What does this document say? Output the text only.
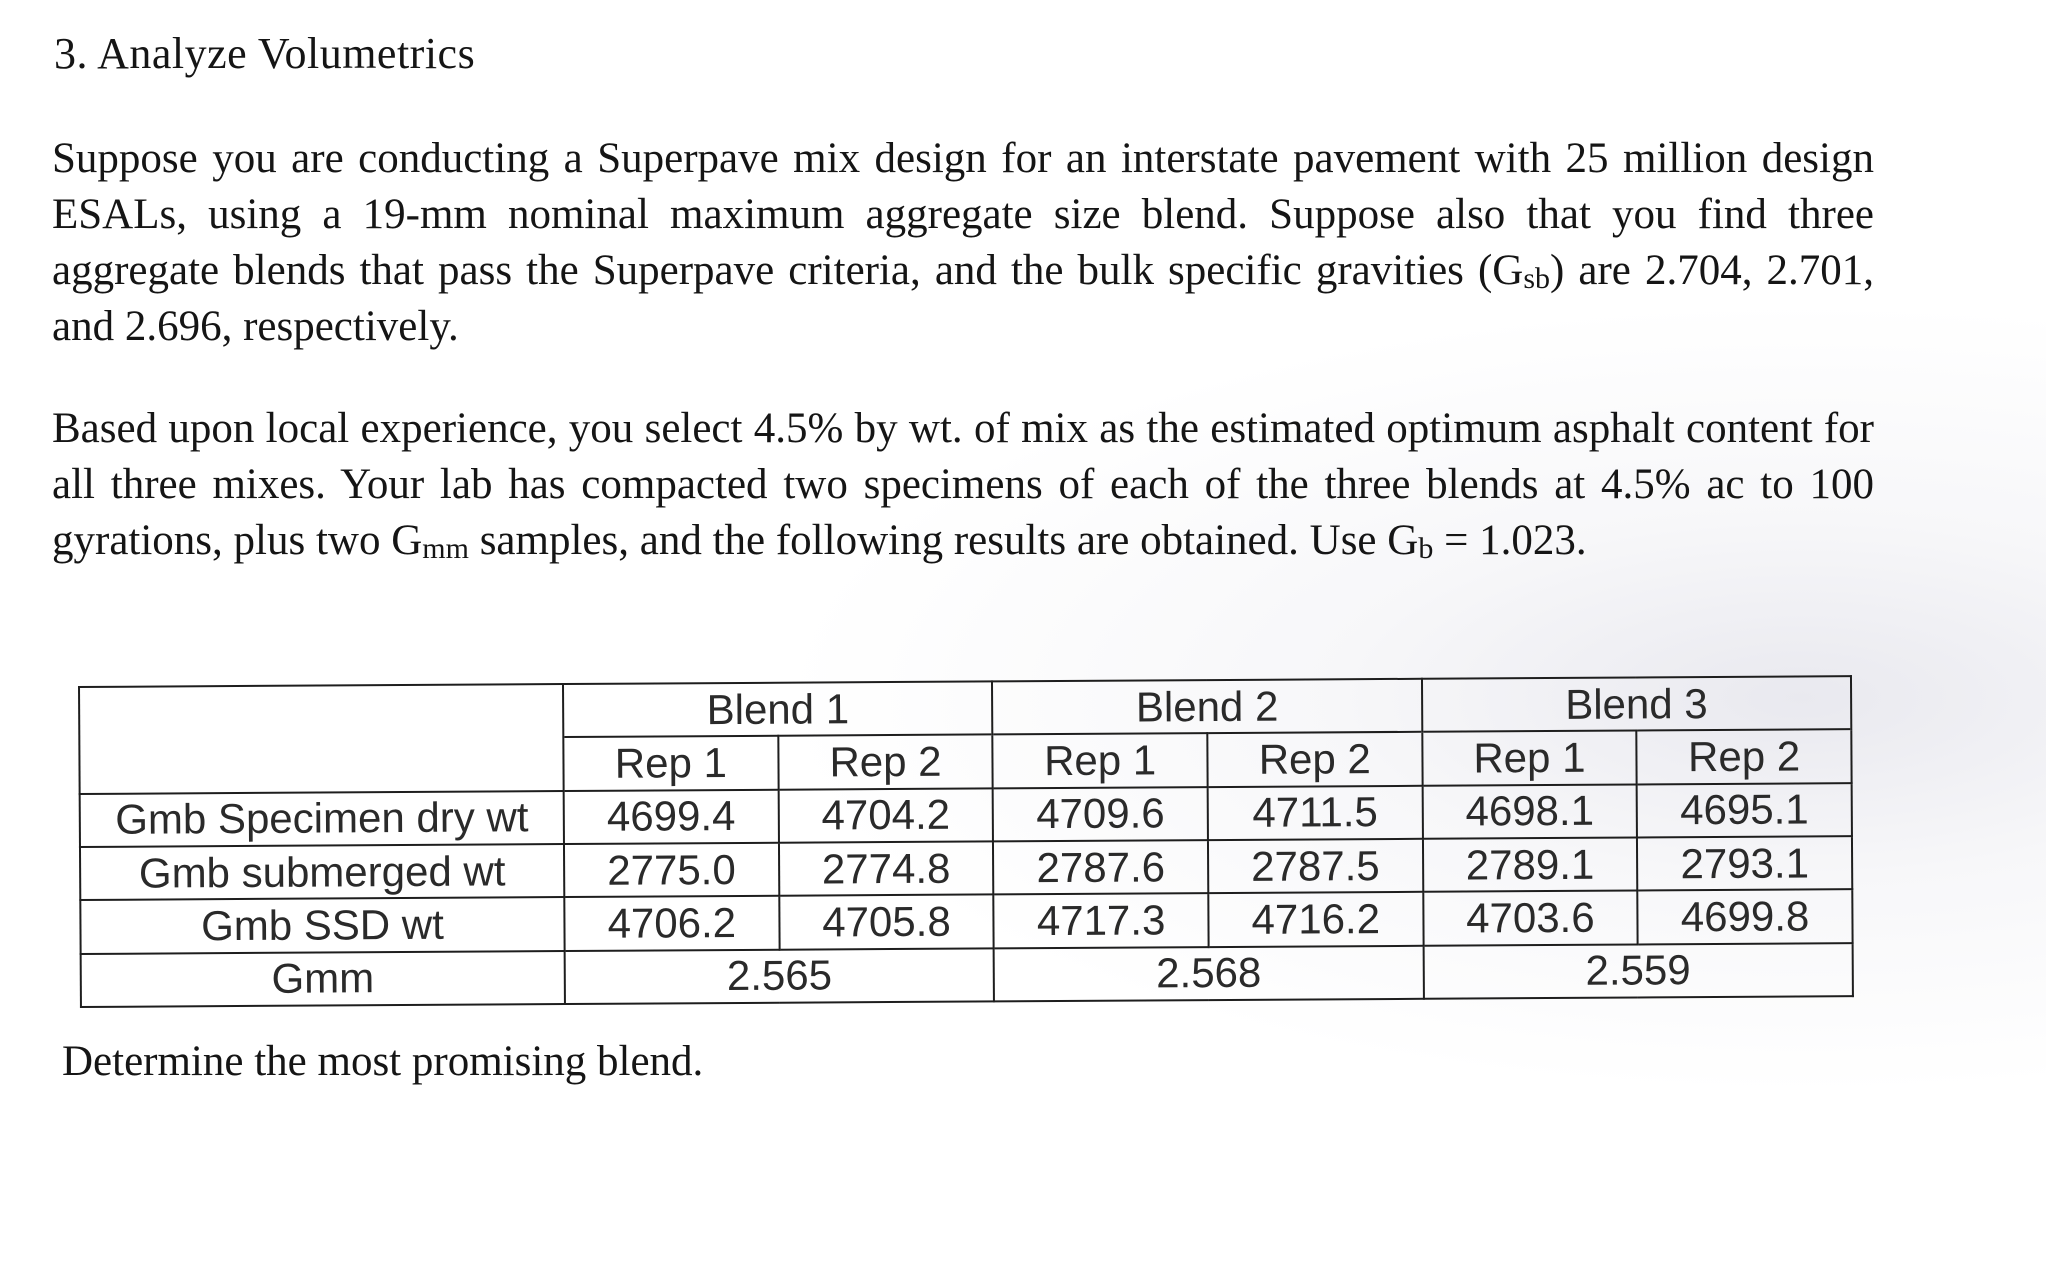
3. Analyze Volumetrics

Suppose you are conducting a Superpave mix design for an interstate pavement with 25 million design ESALs, using a 19-mm nominal maximum aggregate size blend. Suppose also that you find three aggregate blends that pass the Superpave criteria, and the bulk specific gravities $(G_{sb})$ are 2.704, 2.701, and 2.696, respectively.

Based upon local experience, you select 4.5% by wt. of mix as the estimated optimum asphalt content for all three mixes. Your lab has compacted two specimens of each of the three blends at 4.5% ac to 100 gyrations, plus two $G_{mm}$ samples, and the following results are obtained. Use $G_b = 1.023$.

	Blend 1		Blend 2		Blend 3	
	Rep 1	Rep 2	Rep 1	Rep 2	Rep 1	Rep 2
Gmb Specimen dry wt	4699.4	4704.2	4709.6	4711.5	4698.1	4695.1
Gmb submerged wt	2775.0	2774.8	2787.6	2787.5	2789.1	2793.1
Gmb SSD wt	4706.2	4705.8	4717.3	4716.2	4703.6	4699.8
Gmm	2.565		2.568		2.559	
Determine the most promising blend.
